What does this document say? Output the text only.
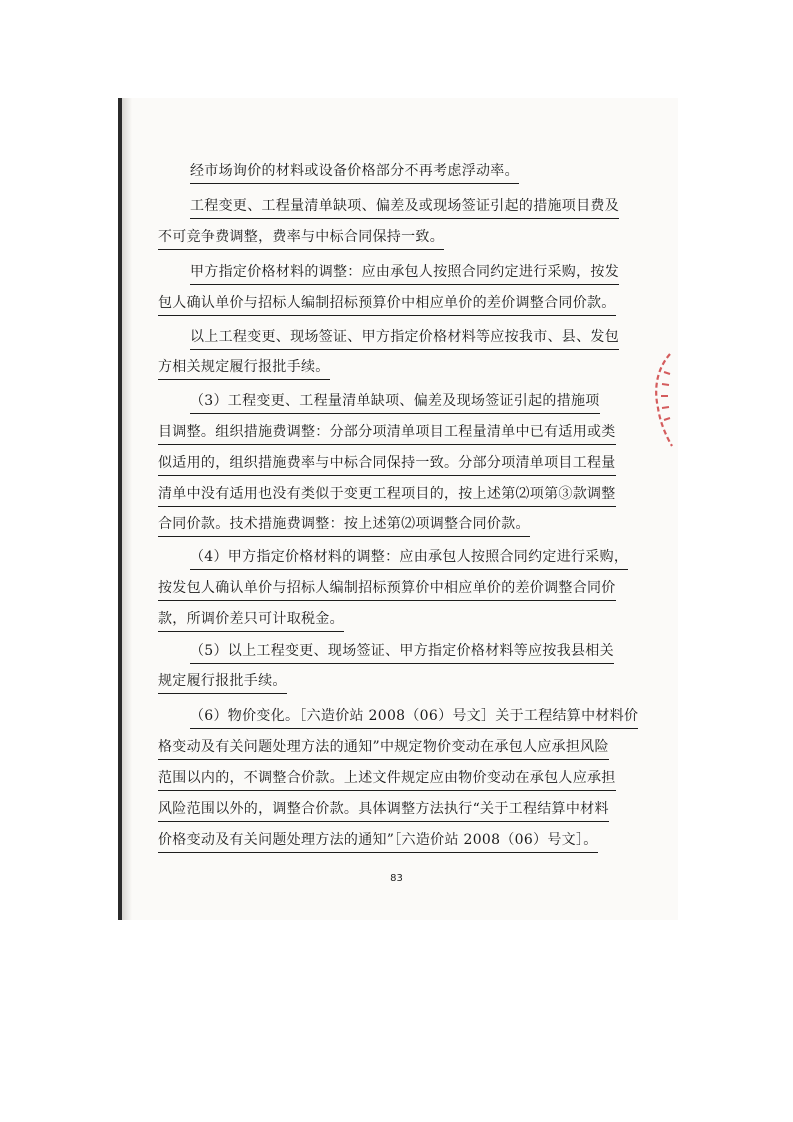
经市场询价的材料或设备价格部分不再考虑浮动率。
工程变更、工程量清单缺项、偏差及或现场签证引起的措施项目费及
不可竞争费调整，费率与中标合同保持一致。
甲方指定价格材料的调整：应由承包人按照合同约定进行采购，按发
包人确认单价与招标人编制招标预算价中相应单价的差价调整合同价款。
以上工程变更、现场签证、甲方指定价格材料等应按我市、县、发包
方相关规定履行报批手续。
（3）工程变更、工程量清单缺项、偏差及现场签证引起的措施项
目调整。组织措施费调整：分部分项清单项目工程量清单中已有适用或类
似适用的，组织措施费率与中标合同保持一致。分部分项清单项目工程量
清单中没有适用也没有类似于变更工程项目的，按上述第⑵项第③款调整
合同价款。技术措施费调整：按上述第⑵项调整合同价款。
（4）甲方指定价格材料的调整：应由承包人按照合同约定进行采购，
按发包人确认单价与招标人编制招标预算价中相应单价的差价调整合同价
款，所调价差只可计取税金。
（5）以上工程变更、现场签证、甲方指定价格材料等应按我县相关
规定履行报批手续。
（6）物价变化。［六造价站 2008（06）号文］关于工程结算中材料价
格变动及有关问题处理方法的通知”中规定物价变动在承包人应承担风险
范围以内的，不调整合价款。上述文件规定应由物价变动在承包人应承担
风险范围以外的，调整合价款。具体调整方法执行“关于工程结算中材料
价格变动及有关问题处理方法的通知”［六造价站 2008（06）号文］。
83
